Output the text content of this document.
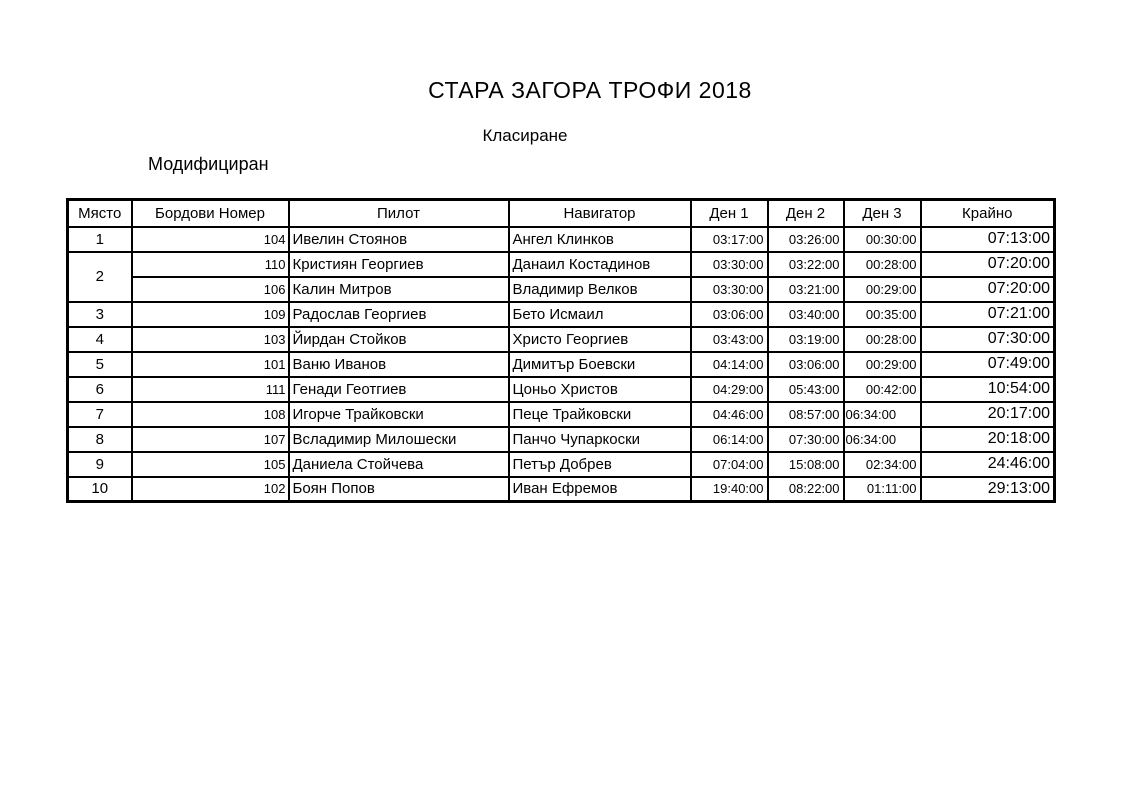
СТАРА ЗАГОРА ТРОФИ 2018
Класиране
Модифициран
Място	Бордови Номер	Пилот	Навигатор	Ден 1	Ден 2	Ден 3	Крайно
1	104	Ивелин Стоянов	Ангел Клинков	03:17:00	03:26:00	00:30:00	07:13:00
2	110	Кристиян Георгиев	Данаил Костадинов	03:30:00	03:22:00	00:28:00	07:20:00
	106	Калин Митров	Владимир Велков	03:30:00	03:21:00	00:29:00	07:20:00
3	109	Радослав Георгиев	Бето Исмаил	03:06:00	03:40:00	00:35:00	07:21:00
4	103	Йирдан Стойков	Христо Георгиев	03:43:00	03:19:00	00:28:00	07:30:00
5	101	Ваню Иванов	Димитър Боевски	04:14:00	03:06:00	00:29:00	07:49:00
6	111	Генади Геотгиев	Цоньо Христов	04:29:00	05:43:00	00:42:00	10:54:00
7	108	Игорче Трайковски	Пеце Трайковски	04:46:00	08:57:00	06:34:00	20:17:00
8	107	Всладимир Милошески	Панчо Чупаркоски	06:14:00	07:30:00	06:34:00	20:18:00
9	105	Даниела Стойчева	Петър Добрев	07:04:00	15:08:00	02:34:00	24:46:00
10	102	Боян Попов	Иван Ефремов	19:40:00	08:22:00	01:11:00	29:13:00
